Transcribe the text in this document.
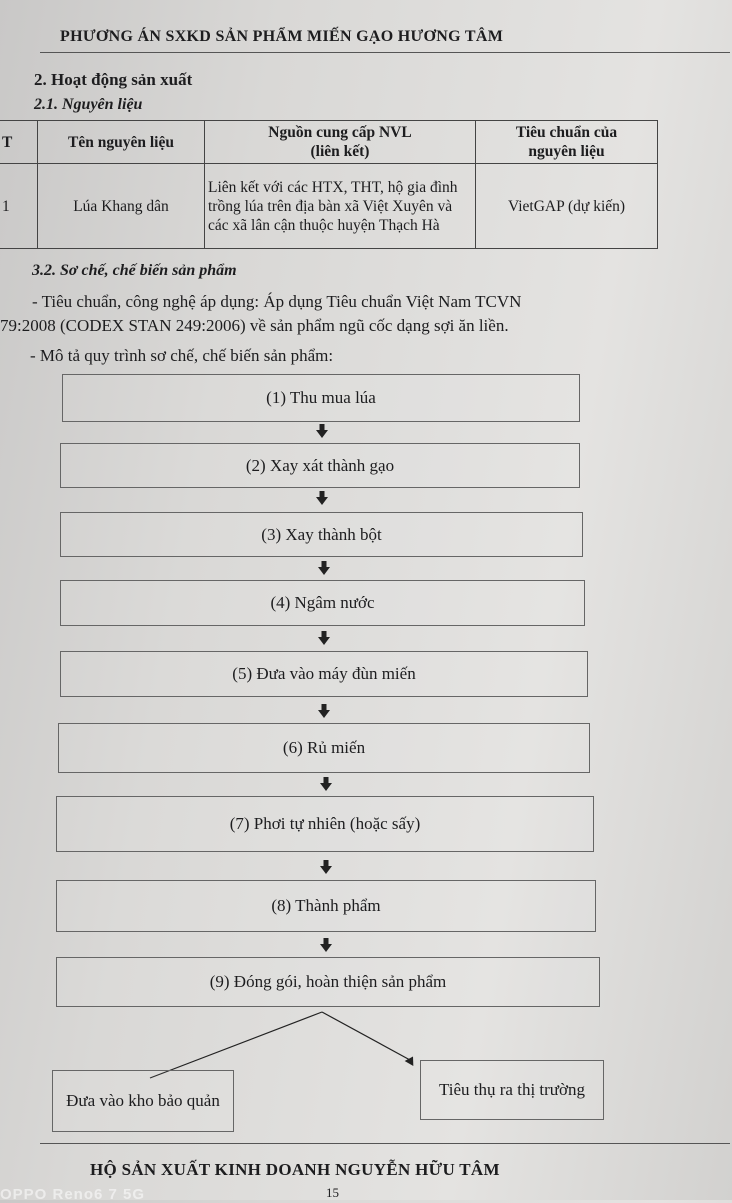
PHƯƠNG ÁN SXKD SẢN PHẨM MIẾN GẠO HƯƠNG TÂM
2. Hoạt động sản xuất
2.1. Nguyên liệu
T	Tên nguyên liệu	Nguồn cung cấp NVL (liên kết)	Tiêu chuẩn của nguyên liệu
1	Lúa Khang dân	Liên kết với các HTX, THT, hộ gia đình trồng lúa trên địa bàn xã Việt Xuyên và các xã lân cận thuộc huyện Thạch Hà	VietGAP (dự kiến)
3.2. Sơ chế, chế biến sản phẩm
- Tiêu chuẩn, công nghệ áp dụng: Áp dụng Tiêu chuẩn Việt Nam TCVN
79:2008 (CODEX STAN 249:2006) về sản phẩm ngũ cốc dạng sợi ăn liền.
- Mô tả quy trình sơ chế, chế biến sản phẩm:
(1) Thu mua lúa
(2) Xay xát thành gạo
(3) Xay thành bột
(4) Ngâm nước
(5) Đưa vào máy đùn miến
(6) Rủ miến
(7) Phơi tự nhiên (hoặc sấy)
(8) Thành phẩm
(9) Đóng gói, hoàn thiện sản phẩm
Đưa vào kho bảo quản
Tiêu thụ ra thị trường
HỘ SẢN XUẤT KINH DOANH NGUYỄN HỮU TÂM
15
OPPO Reno6 7 5G
